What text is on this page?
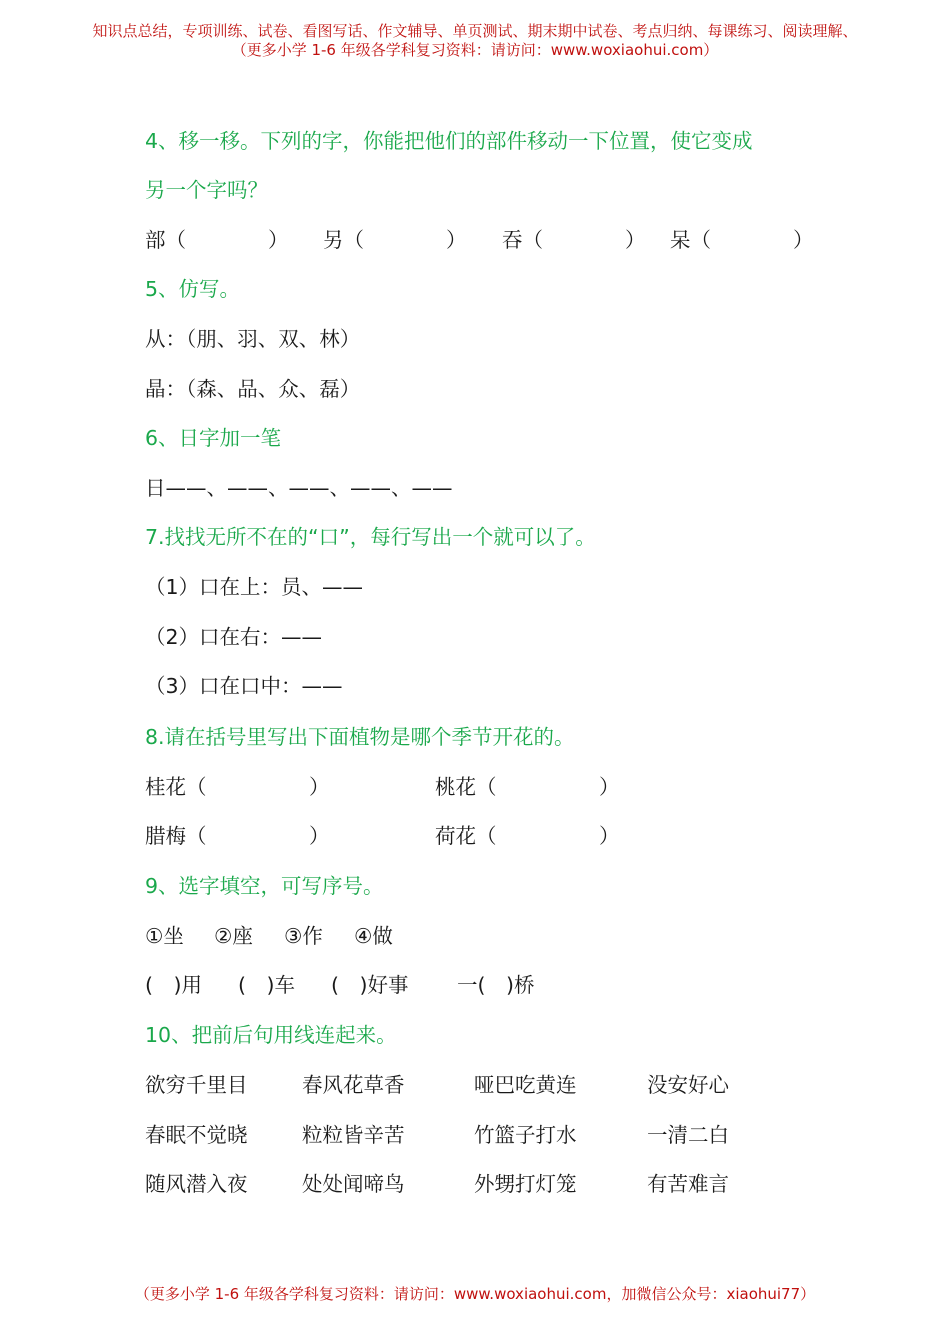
知识点总结，专项训练、试卷、看图写话、作文辅导、单页测试、期末期中试卷、考点归纳、每课练习、阅读理解、
（更多小学 1-6 年级各学科复习资料：请访问：www.woxiaohui.com）
4、移一移。下列的字，你能把他们的部件移动一下位置，使它变成
另一个字吗？
部（　　　　） 另（　　　　） 吞（　　　　） 呆（　　　　）
5、仿写。
从：（朋、羽、双、林）
晶：（森、品、众、磊）
6、日字加一笔
日——、——、——、——、——
7.找找无所不在的“口”，每行写出一个就可以了。
（1）口在上：员、——
（2）口在右：——
（3）口在口中：——
8.请在括号里写出下面植物是哪个季节开花的。
桂花（　　　　　）	桃花（　　　　　）
腊梅（　　　　　）	荷花（　　　　　）
9、选字填空，可写序号。
①坐 ②座 ③作 ④做
(　)用 (　)车 (　)好事 一(　)桥
10、把前后句用线连起来。
欲穷千里目	春风花草香	哑巴吃黄连	没安好心
春眠不觉晓	粒粒皆辛苦	竹篮子打水	一清二白
随风潜入夜	处处闻啼鸟	外甥打灯笼	有苦难言
（更多小学 1-6 年级各学科复习资料：请访问：www.woxiaohui.com，加微信公众号：xiaohui77）
